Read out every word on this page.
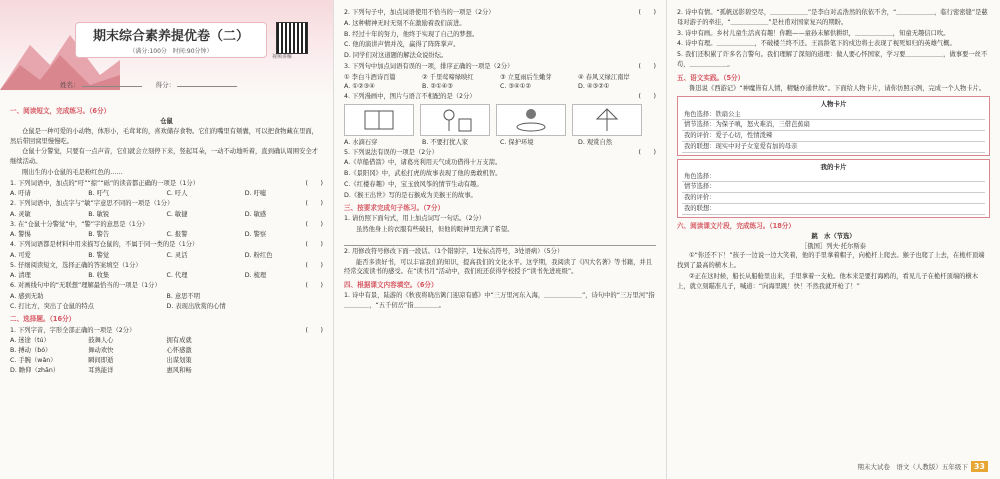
期末综合素养提优卷（二）
（满分:100分　时间:90分钟）
视频讲解
姓名：	得分：
一、阅读短文，完成练习。（6分）
仓鼠

仓鼠是一种可爱的小动物，体形小，毛茸茸的，喜欢储存食物。它们的嘴里有颊囊，可以把食物藏在里面，然后带回窝里慢慢吃。

仓鼠十分警觉，只要有一点声音，它们就会立刻停下来，竖起耳朵，一动不动地听着，直到确认周围安全才继续活动。

刚出生的小仓鼠的毛是粉红色的……

1. 下列词语中，加点的“吁”“掠”“砾”的读音都正确的一项是（1分）	(　　)

A. 吁请	B. 吁气	C. 吁人	D. 吁嘘

2. 下列词语中，加点字与“敏”字意思不同的一项是（1分）	(　　)

A. 灵敏	B. 敏锐	C. 敏捷	D. 敏感

3. 在“仓鼠十分警觉”中，“警”字的意思是（1分）	(　　)

A. 警惕	B. 警告	C. 报警	D. 警察

4. 下列词语都是材料中用来描写仓鼠的，不属于同一类的是（1分）	(　　)

A. 可爱	B. 警觉	C. 灵活	D. 粉红色

5. 仔细阅读短文，选择正确的答案填空（1分）	(　　)

A. 清理	B. 收集	C. 代理	D. 梳理

6. 对画线句中的“无联想”理解最恰当的一项是（1分）	(　　)

A. 感到无助	B. 意思不明
C. 打比方，突出了仓鼠的特点	D. 表现出欣赏的心情
二、选择题。（16分）

1. 下列字音，字形全部正确的一项是（2分）	(　　)

A. 迷途（tú）	鼓舞人心	拥有成就
B. 搏动（bó）	舞动欢快	心怀感激
C. 手腕（wǎn）	瞬间即逝	出谋划策
D. 瞻仰（zhān）	耳熟能详	惠风和畅

2. 下列句子中，加点词语使用不恰当的一项是（2分）	(　　)

A. 这种精神无时无刻不在激励着我们前进。

B. 经过十年的努力，他终于实现了自己的梦想。

C. 他的演讲声情并茂，赢得了阵阵掌声。

D. 同学们对这道题的解法众说纷纭。

3. 下列句中加点词语有误的一项，排序正确的一项是（2分）	(　　)

① 李白斗酒诗百篇	② 千里莺啼绿映红	③ 立夏雨后生嫩芽	④ 春风又绿江南岸
A. ①②③④	B. ②①④③	C. ③④①②	D. ④③②①

4. 下列漫画中，图片与语言不相配的是（2分）	(　　)

A. 水滴石穿	B. 不要打扰人家	C. 保护环境	D. 观赏自然

5. 下列说法有误的一项是（2分）	(　　)

A.《草船借箭》中，诸葛亮利用天气成功借得十万支箭。

B.《景阳冈》中，武松打虎的故事表现了他的勇敢机智。

C.《红楼春趣》中，宝玉放风筝的情节生动有趣。

D.《猴王出世》写的是石猴成为美猴王的故事。

三、按要求完成句子练习。（7分）

1. 请仿照下面句式，用上加点词写一句话。（2分）

虽然他身上的衣服有些破旧，但他的眼神里充满了希望。

2. 用修改符号修改下面一段话。（1个错别字，1处标点符号，3处语病）（5分）

能否多读好书，可以丰富我们的知识，提高我们的文化水平。这学期，我阅读了《四大名著》等书籍，并且经常交流读书的感受。在“读书月”活动中，我们班还获得学校授予“读书先进班级”。

四、根据课文内容填空。（6分）

1. 诗中有景，陆游的《秋夜将晓出篱门迎凉有感》中“三万里河东入海，＿＿＿＿＿＿”，诗句中的“三万里河”指＿＿＿＿，“五千仞岳”指＿＿＿＿。

2. 诗中有情。“孤帆远影碧空尽，＿＿＿＿＿＿”是李白对孟浩然的依依不舍，“＿＿＿＿＿＿，临行密密缝”是慈母对游子的牵挂，“＿＿＿＿＿＿”是杜甫对国家复兴的期盼。

3. 诗中有画。乡村儿童生活真有趣！你瞧——童孙未解供耕织，＿＿＿＿＿＿，知童无趣信口吹。

4. 诗中有理。＿＿＿＿＿＿，不破楼兰终不还。王昌龄笔下的戍边将士表现了视死如归的英雄气概。

5. 我们还积累了许多名言警句。我们理解了深刻的道理：做人要心怀国家，学习要＿＿＿＿＿＿，做事要一丝不苟，＿＿＿＿＿＿。

五、语文实践。（5分）

鲁迅说《西游记》“神魔皆有人情，精魅亦通世故”。下面给人物卡片，请你仿照示例，完成一个人物卡片。

人物卡片
角色选择：铁扇公主
情节选择：为保子嗔，怒火难消，三借芭蕉扇
我的评价：爱子心切，性情泼辣
我的联想：现实中对子女宠爱有加的母亲
我的卡片
角色选择：
情节选择：
我的评价：
我的联想：
六、阅读课文片段，完成练习。（18分）
跳　水（节选）
［俄国］列夫·托尔斯泰

①“你还不下！”孩子一边说一边大笑着，他的手里拿着帽子，向桅杆上爬去。猴子也爬了上去，在桅杆顶端找到了最高的横木上。

②正在这时候，船长从船舱里出来，手里拿着一支枪。他本来是要打海鸥的，看见儿子在桅杆顶端的横木上，就立刻瞄准儿子，喊道：“向海里跳！快！不然我就开枪了！”

期末大试卷　语文（人教版）五年级下 33
